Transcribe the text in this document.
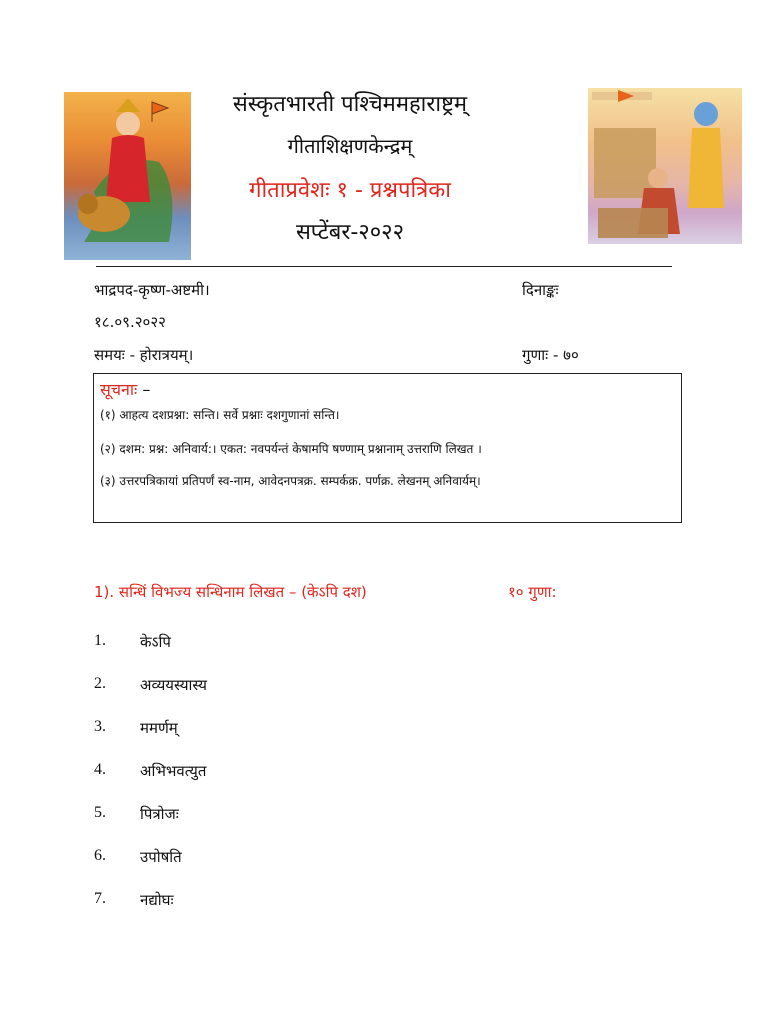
संस्कृतभारती पश्चिममहाराष्ट्रम्
गीताशिक्षणकेन्द्रम्
गीताप्रवेशः १ - प्रश्नपत्रिका
सप्टेंबर-२०२२
भाद्रपद-कृष्ण-अष्टमी।	दिनाङ्कः
१८.०९.२०२२
समयः - होरात्रयम्।	गुणाः - ७०
सूचनाः –
(१) आहत्य दशप्रश्ना: सन्ति। सर्वे प्रश्नाः दशगुणानां सन्ति।
(२) दशम: प्रश्न: अनिवार्य:। एकत: नवपर्यन्तं केषामपि षण्णाम् प्रश्नानाम् उत्तराणि लिखत ।
(३) उत्तरपत्रिकायां प्रतिपर्णं स्व-नाम, आवेदनपत्रक्र. सम्पर्कक्र. पर्णक्र. लेखनम् अनिवार्यम्।
1). सन्धिं विभज्य सन्धिनाम लिखत – (केऽपि दश)	१० गुणा:
1. केऽपि
2. अव्ययस्यास्य
3. ममर्णम्
4. अभिभवत्युत
5. पित्रोजः
6. उपोषति
7. नद्योघः
